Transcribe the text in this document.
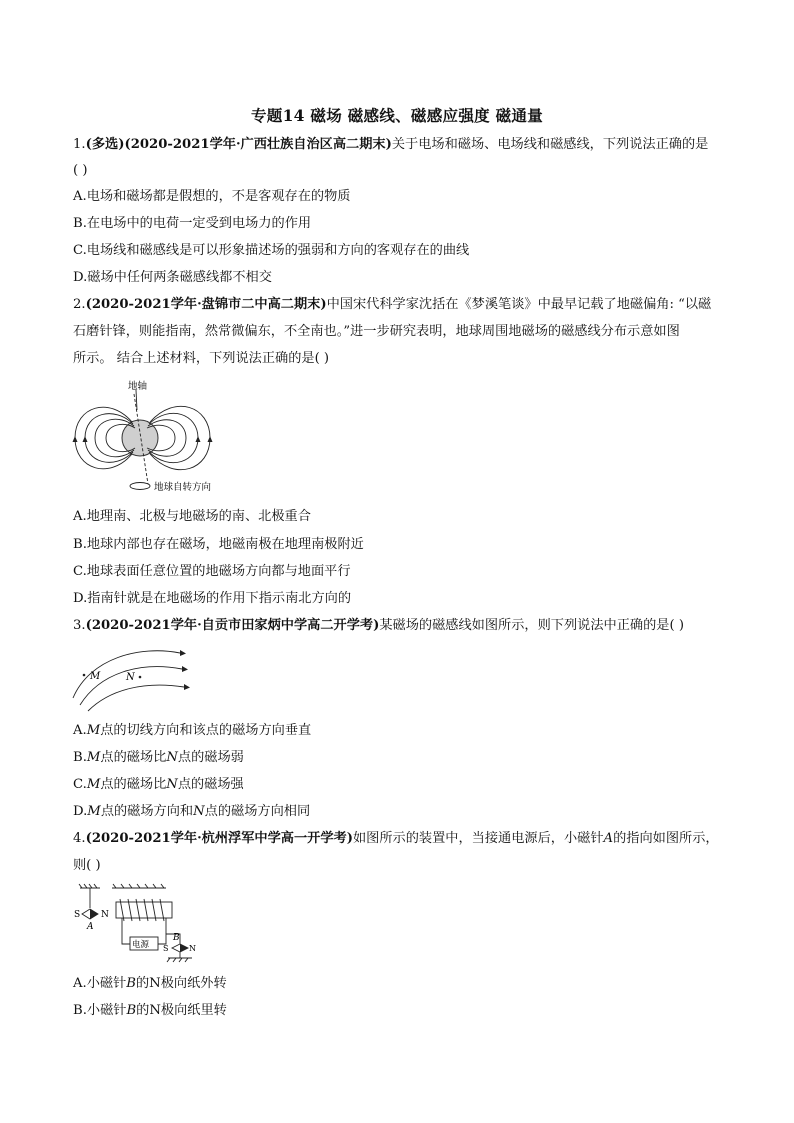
专题14 磁场 磁感线、磁感应强度 磁通量
1.(多选)(2020-2021学年·广西壮族自治区高二期末)关于电场和磁场、电场线和磁感线，下列说法正确的是
( )
A.电场和磁场都是假想的，不是客观存在的物质
B.在电场中的电荷一定受到电场力的作用
C.电场线和磁感线是可以形象描述场的强弱和方向的客观存在的曲线
D.磁场中任何两条磁感线都不相交
2.(2020-2021学年·盘锦市二中高二期末)中国宋代科学家沈括在《梦溪笔谈》中最早记载了地磁偏角: “以磁
石磨针锋，则能指南，然常微偏东，不全南也。”进一步研究表明，地球周围地磁场的磁感线分布示意如图
所示。 结合上述材料，下列说法正确的是( )
地轴
地球自转方向
A.地理南、北极与地磁场的南、北极重合
B.地球内部也存在磁场，地磁南极在地理南极附近
C.地球表面任意位置的地磁场方向都与地面平行
D.指南针就是在地磁场的作用下指示南北方向的
3.(2020-2021学年·自贡市田家炳中学高二开学考)某磁场的磁感线如图所示，则下列说法中正确的是( )
M	N
A.M点的切线方向和该点的磁场方向垂直
B.M点的磁场比N点的磁场弱
C.M点的磁场比N点的磁场强
D.M点的磁场方向和N点的磁场方向相同
4.(2020-2021学年·杭州浮军中学高一开学考)如图所示的装置中，当接通电源后，小磁针A的指向如图所示，
则( )
S N
A
电源
B
S	N
A.小磁针B的N极向纸外转
B.小磁针B的N极向纸里转
